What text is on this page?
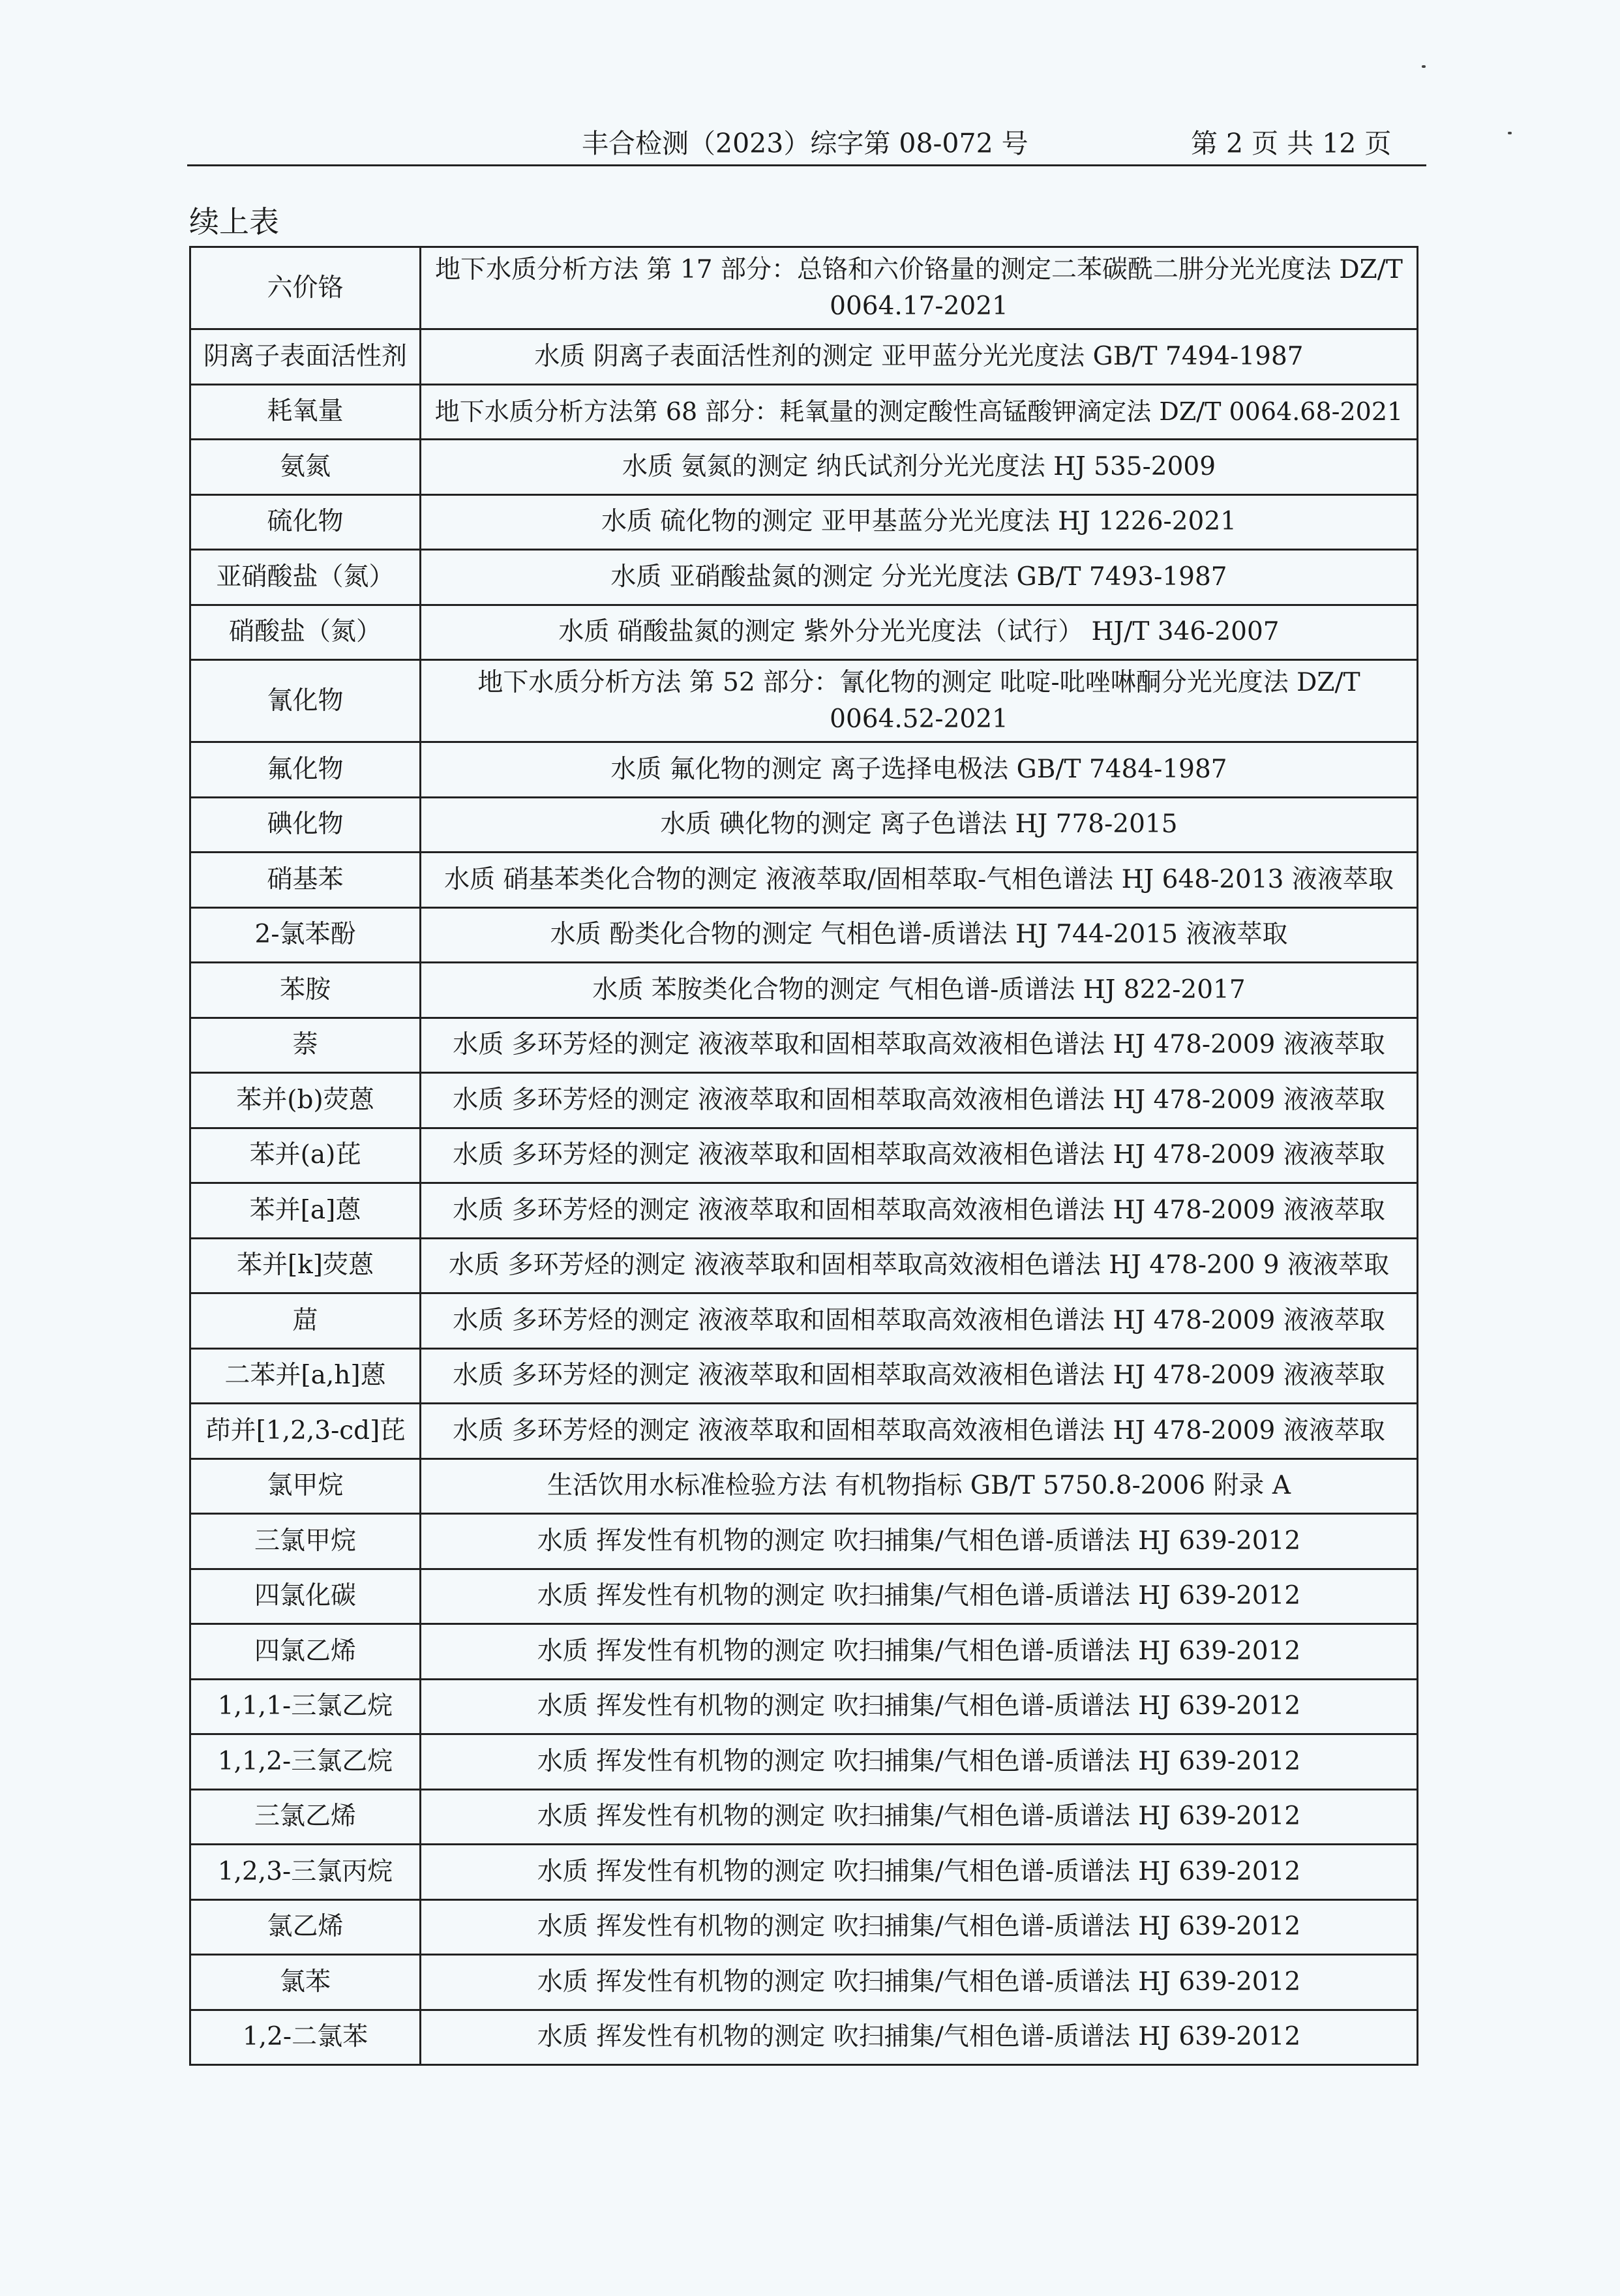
丰合检测（2023）综字第 08-072 号	第 2 页 共 12 页
续上表
六价铬	地下水质分析方法 第 17 部分：总铬和六价铬量的测定二苯碳酰二肼分光光度法 DZ/T 0064.17-2021
阴离子表面活性剂	水质 阴离子表面活性剂的测定 亚甲蓝分光光度法 GB/T 7494-1987
耗氧量	地下水质分析方法第 68 部分：耗氧量的测定酸性高锰酸钾滴定法 DZ/T 0064.68-2021
氨氮	水质 氨氮的测定 纳氏试剂分光光度法 HJ 535-2009
硫化物	水质 硫化物的测定 亚甲基蓝分光光度法 HJ 1226-2021
亚硝酸盐（氮）	水质 亚硝酸盐氮的测定 分光光度法 GB/T 7493-1987
硝酸盐（氮）	水质 硝酸盐氮的测定 紫外分光光度法（试行） HJ/T 346-2007
氰化物	地下水质分析方法 第 52 部分：氰化物的测定 吡啶-吡唑啉酮分光光度法 DZ/T 0064.52-2021
氟化物	水质 氟化物的测定 离子选择电极法 GB/T 7484-1987
碘化物	水质 碘化物的测定 离子色谱法 HJ 778-2015
硝基苯	水质 硝基苯类化合物的测定 液液萃取/固相萃取-气相色谱法 HJ 648-2013 液液萃取
2-氯苯酚	水质 酚类化合物的测定 气相色谱-质谱法 HJ 744-2015 液液萃取
苯胺	水质 苯胺类化合物的测定 气相色谱-质谱法 HJ 822-2017
萘	水质 多环芳烃的测定 液液萃取和固相萃取高效液相色谱法 HJ 478-2009 液液萃取
苯并(b)荧蒽	水质 多环芳烃的测定 液液萃取和固相萃取高效液相色谱法 HJ 478-2009 液液萃取
苯并(a)芘	水质 多环芳烃的测定 液液萃取和固相萃取高效液相色谱法 HJ 478-2009 液液萃取
苯并[a]蒽	水质 多环芳烃的测定 液液萃取和固相萃取高效液相色谱法 HJ 478-2009 液液萃取
苯并[k]荧蒽	水质 多环芳烃的测定 液液萃取和固相萃取高效液相色谱法 HJ 478-200 9 液液萃取
䓛	水质 多环芳烃的测定 液液萃取和固相萃取高效液相色谱法 HJ 478-2009 液液萃取
二苯并[a,h]蒽	水质 多环芳烃的测定 液液萃取和固相萃取高效液相色谱法 HJ 478-2009 液液萃取
茚并[1,2,3-cd]芘	水质 多环芳烃的测定 液液萃取和固相萃取高效液相色谱法 HJ 478-2009 液液萃取
氯甲烷	生活饮用水标准检验方法 有机物指标 GB/T 5750.8-2006 附录 A
三氯甲烷	水质 挥发性有机物的测定 吹扫捕集/气相色谱-质谱法 HJ 639-2012
四氯化碳	水质 挥发性有机物的测定 吹扫捕集/气相色谱-质谱法 HJ 639-2012
四氯乙烯	水质 挥发性有机物的测定 吹扫捕集/气相色谱-质谱法 HJ 639-2012
1,1,1-三氯乙烷	水质 挥发性有机物的测定 吹扫捕集/气相色谱-质谱法 HJ 639-2012
1,1,2-三氯乙烷	水质 挥发性有机物的测定 吹扫捕集/气相色谱-质谱法 HJ 639-2012
三氯乙烯	水质 挥发性有机物的测定 吹扫捕集/气相色谱-质谱法 HJ 639-2012
1,2,3-三氯丙烷	水质 挥发性有机物的测定 吹扫捕集/气相色谱-质谱法 HJ 639-2012
氯乙烯	水质 挥发性有机物的测定 吹扫捕集/气相色谱-质谱法 HJ 639-2012
氯苯	水质 挥发性有机物的测定 吹扫捕集/气相色谱-质谱法 HJ 639-2012
1,2-二氯苯	水质 挥发性有机物的测定 吹扫捕集/气相色谱-质谱法 HJ 639-2012
